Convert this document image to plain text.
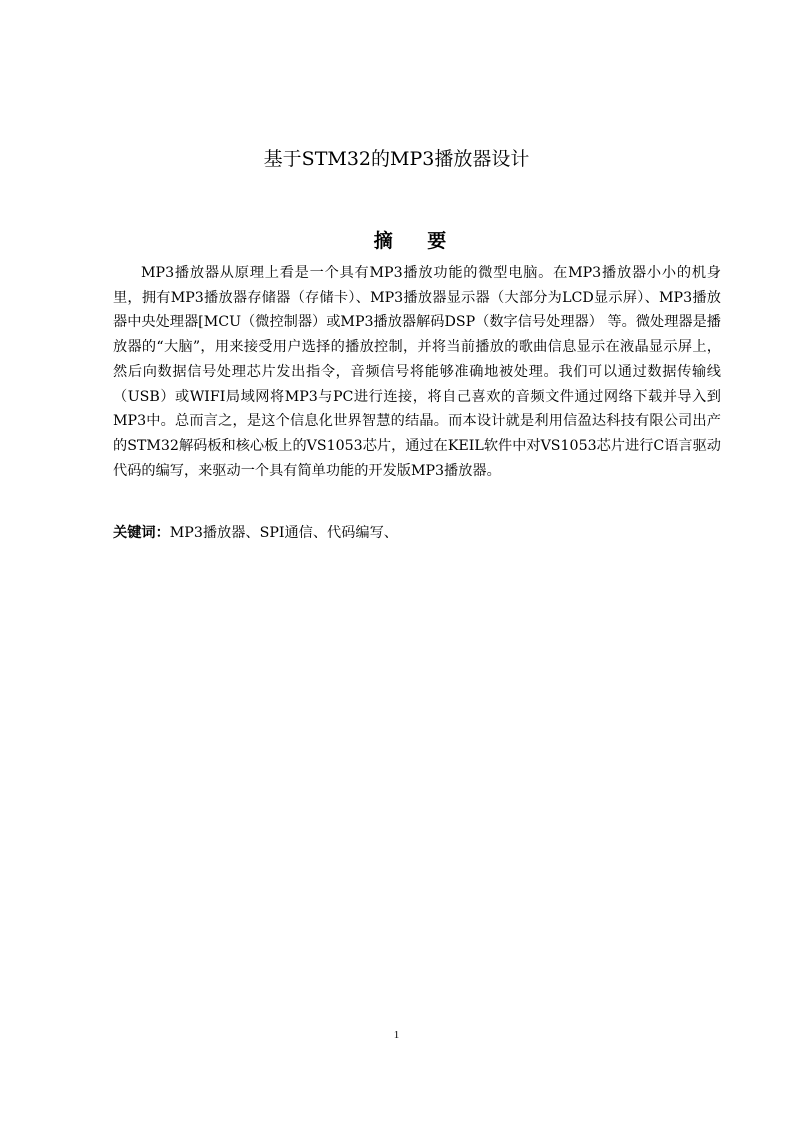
基于STM32的MP3播放器设计
摘 要

MP3播放器从原理上看是一个具有MP3播放功能的微型电脑。在MP3播放器小小的机身里，拥有MP3播放器存储器（存储卡）、MP3播放器显示器（大部分为LCD显示屏）、MP3播放器中央处理器[MCU（微控制器）或MP3播放器解码DSP（数字信号处理器） 等。微处理器是播放器的“大脑”，用来接受用户选择的播放控制，并将当前播放的歌曲信息显示在液晶显示屏上，然后向数据信号处理芯片发出指令，音频信号将能够准确地被处理。我们可以通过数据传输线（USB）或WIFI局域网将MP3与PC进行连接，将自己喜欢的音频文件通过网络下载并导入到MP3中。总而言之，是这个信息化世界智慧的结晶。而本设计就是利用信盈达科技有限公司出产的STM32解码板和核心板上的VS1053芯片，通过在KEIL软件中对VS1053芯片进行C语言驱动代码的编写，来驱动一个具有简单功能的开发版MP3播放器。

关键词：MP3播放器、SPI通信、代码编写、

1
